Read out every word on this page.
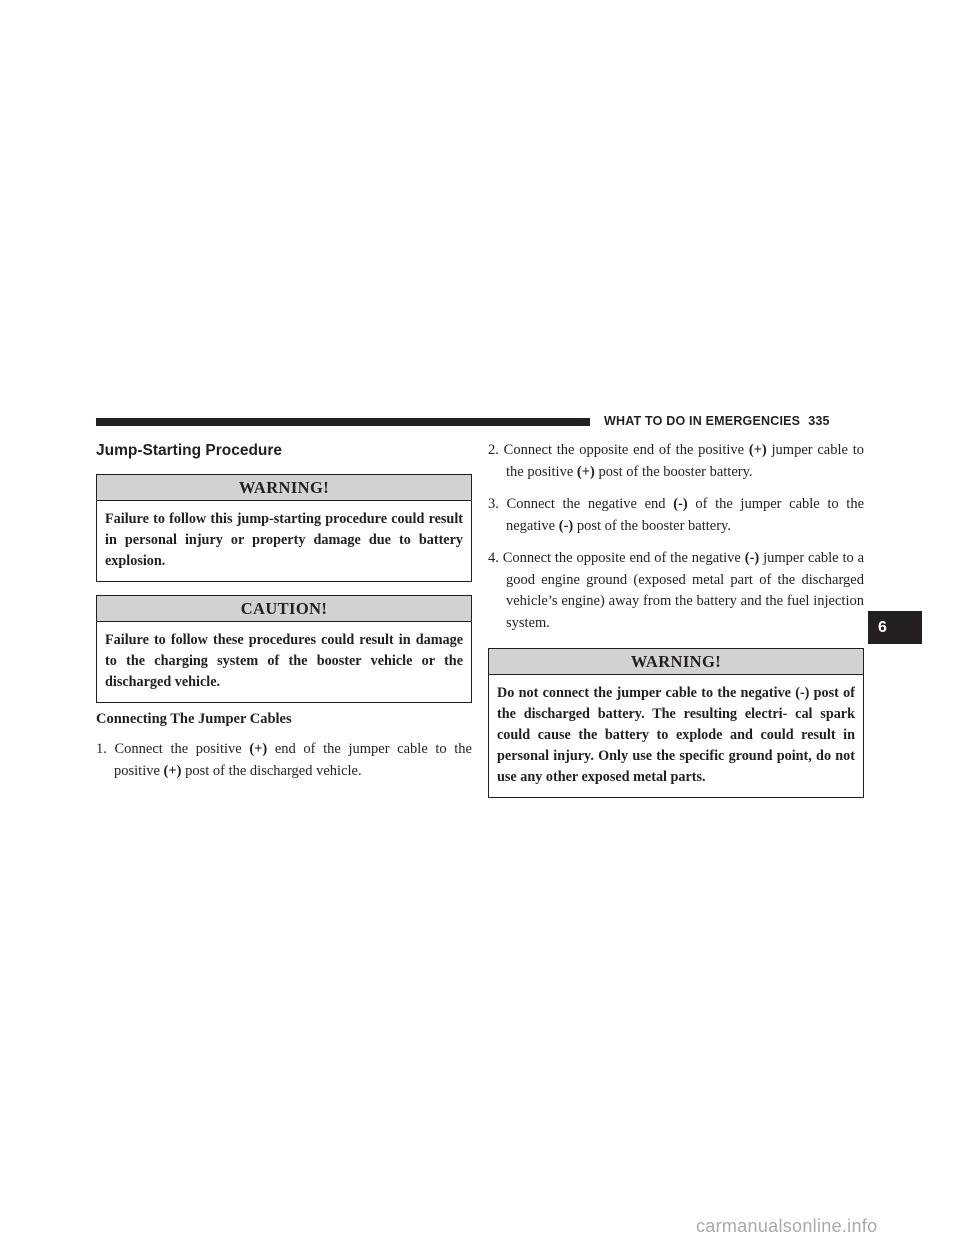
WHAT TO DO IN EMERGENCIES 335
Jump-Starting Procedure
WARNING!
Failure to follow this jump-starting procedure could result in personal injury or property damage due to battery explosion.
CAUTION!
Failure to follow these procedures could result in damage to the charging system of the booster vehicle or the discharged vehicle.
Connecting The Jumper Cables
1. Connect the positive (+) end of the jumper cable to the positive (+) post of the discharged vehicle.
2. Connect the opposite end of the positive (+) jumper cable to the positive (+) post of the booster battery.
3. Connect the negative end (-) of the jumper cable to the negative (-) post of the booster battery.
4. Connect the opposite end of the negative (-) jumper cable to a good engine ground (exposed metal part of the discharged vehicle’s engine) away from the battery and the fuel injection system.
WARNING!
Do not connect the jumper cable to the negative (-) post of the discharged battery. The resulting electri- cal spark could cause the battery to explode and could result in personal injury. Only use the specific ground point, do not use any other exposed metal parts.
6
carmanualsonline.info
